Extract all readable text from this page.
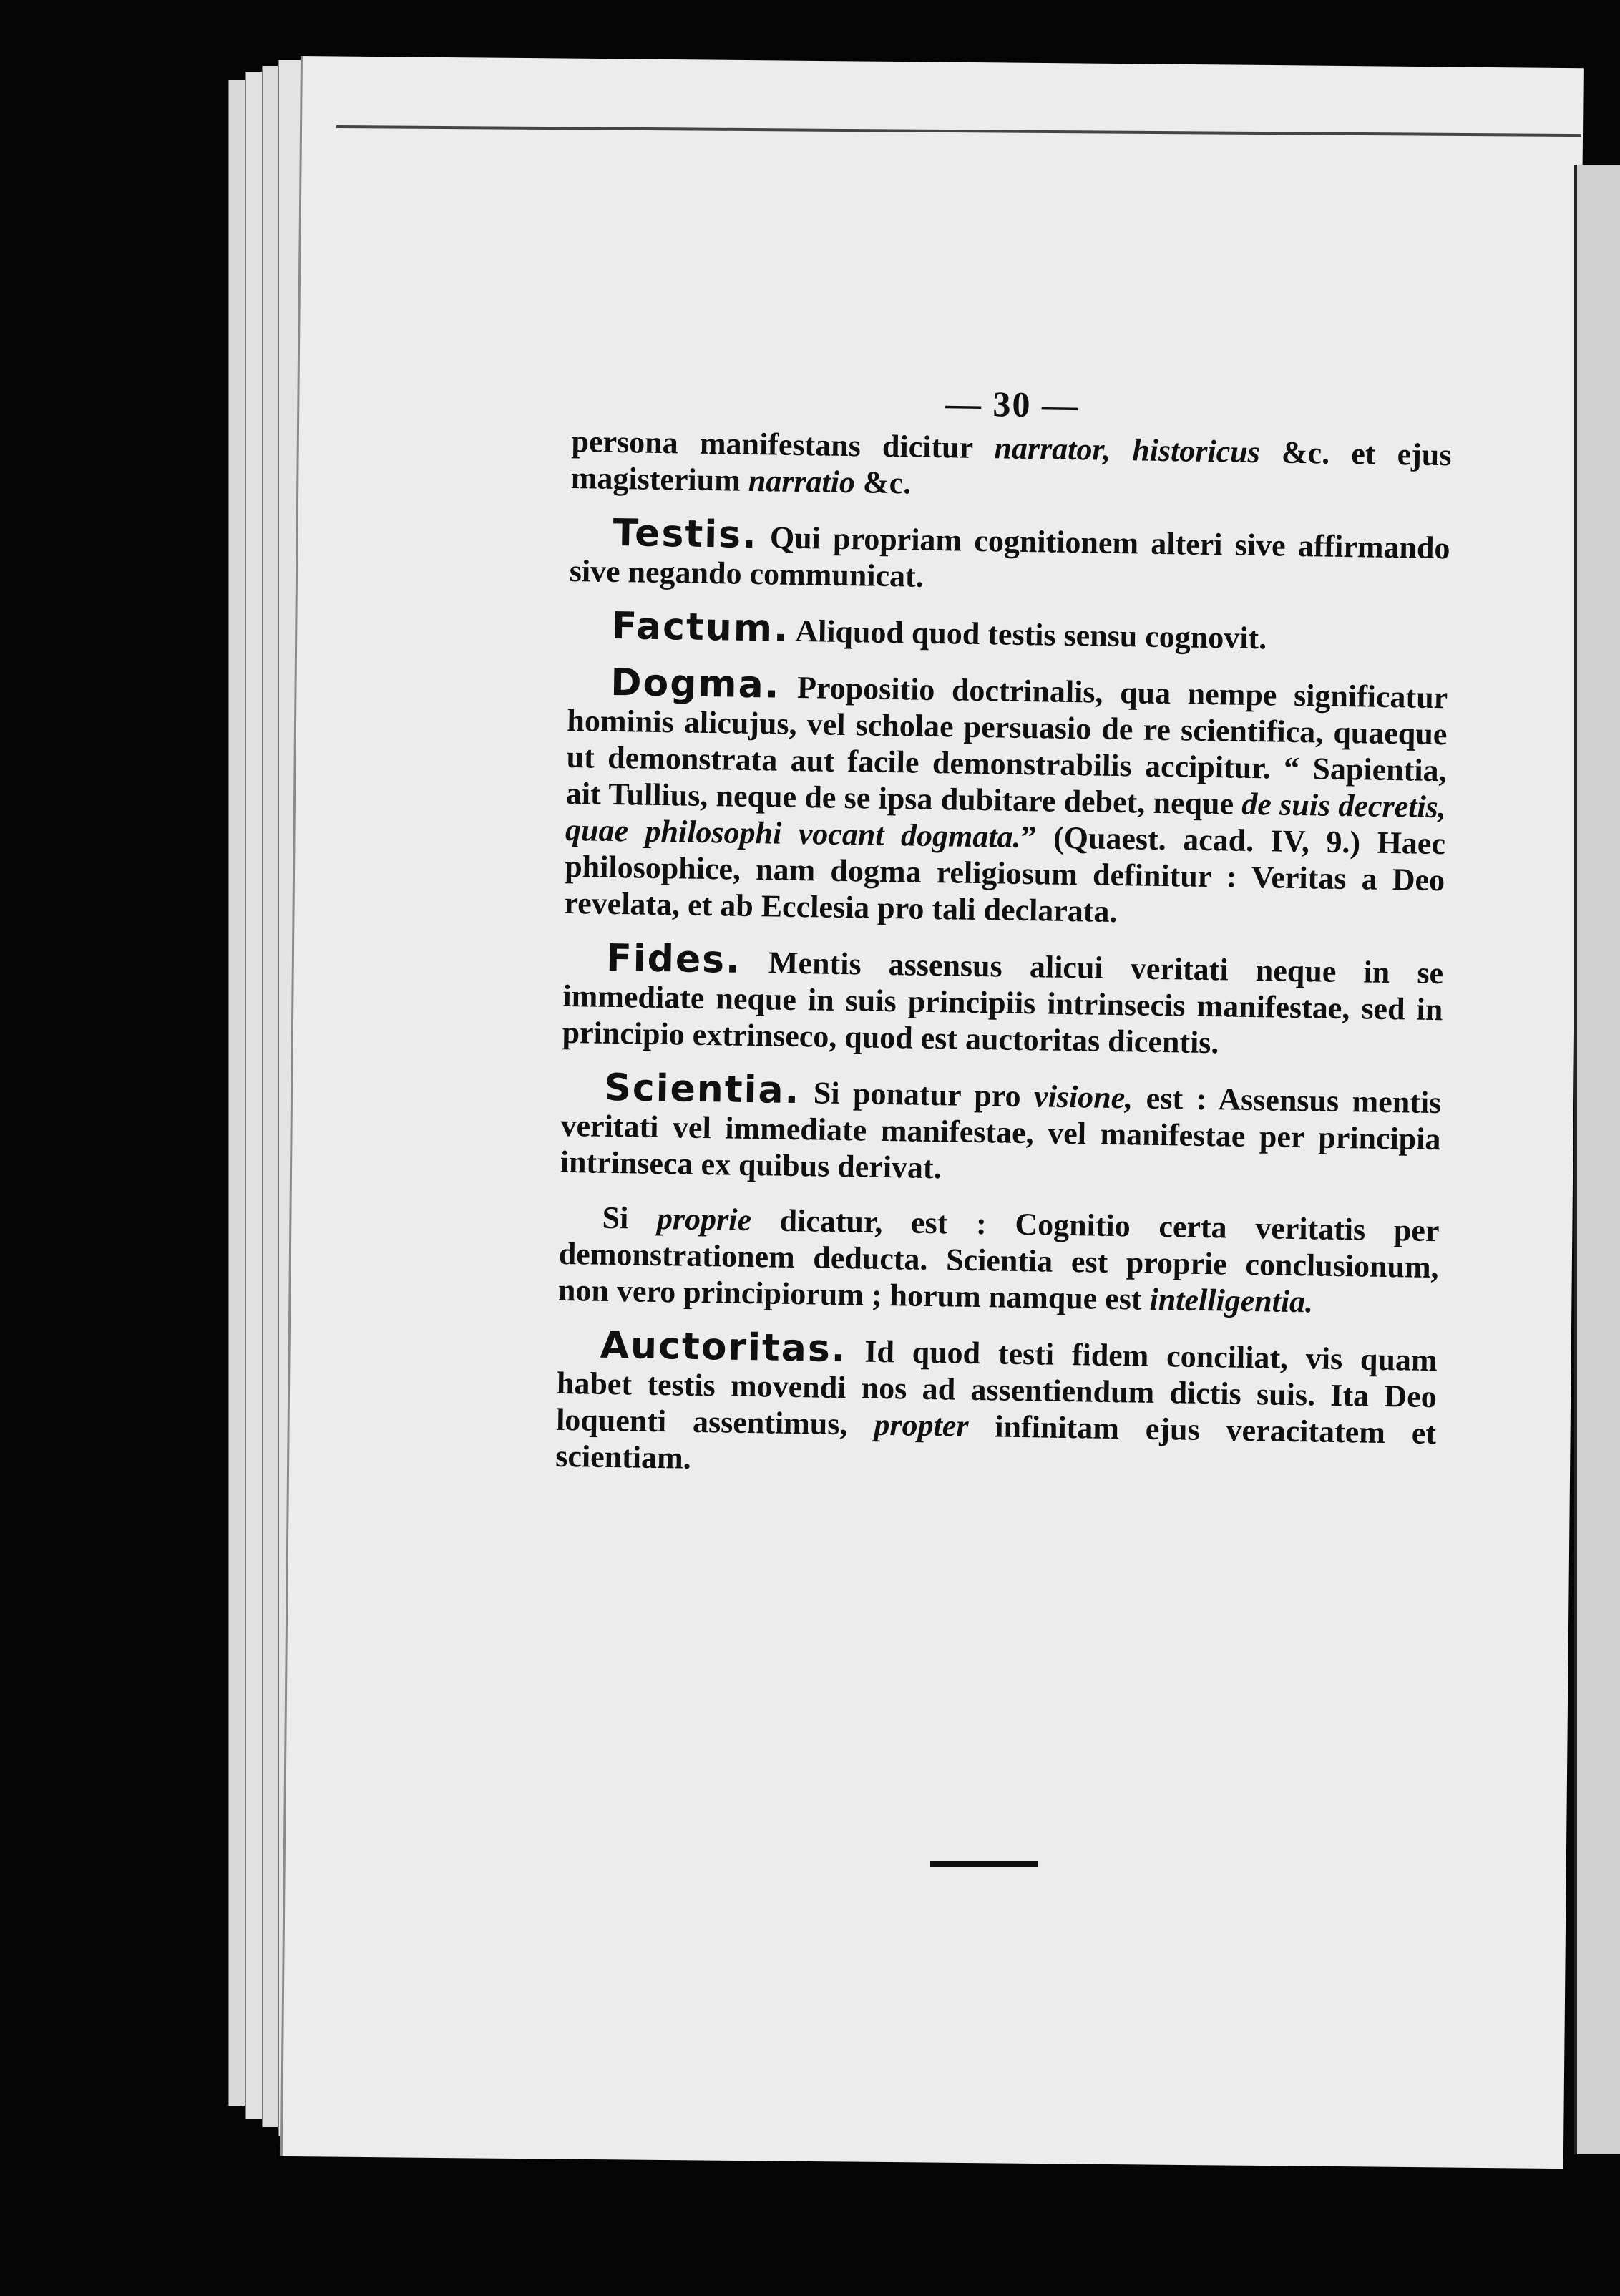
— 30 —

persona manifestans dicitur narrator, historicus &c. et ejus magisterium narratio &c.

Testis. Qui propriam cognitionem alteri sive affirmando sive negando communicat.

Factum. Aliquod quod testis sensu cognovit.

Dogma. Propositio doctrinalis, qua nempe significatur hominis alicujus, vel scholae persuasio de re scientifica, quaeque ut demonstrata aut facile demonstrabilis accipitur. “ Sapientia, ait Tullius, neque de se ipsa dubitare debet, neque de suis decretis, quae philosophi vocant dogmata.” (Quaest. acad. IV, 9.) Haec philosophice, nam dogma religiosum definitur : Veritas a Deo revelata, et ab Ecclesia pro tali declarata.

Fides. Mentis assensus alicui veritati neque in se immediate neque in suis principiis intrinsecis manifestae, sed in principio extrinseco, quod est auctoritas dicentis.

Scientia. Si ponatur pro visione, est : Assensus mentis veritati vel immediate manifestae, vel manifestae per principia intrinseca ex quibus derivat.

Si proprie dicatur, est : Cognitio certa veritatis per demonstrationem deducta. Scientia est proprie conclusionum, non vero principiorum ; horum namque est intelligentia.

Auctoritas. Id quod testi fidem conciliat, vis quam habet testis movendi nos ad assentiendum dictis suis. Ita Deo loquenti assentimus, propter infinitam ejus veracitatem et scientiam.
